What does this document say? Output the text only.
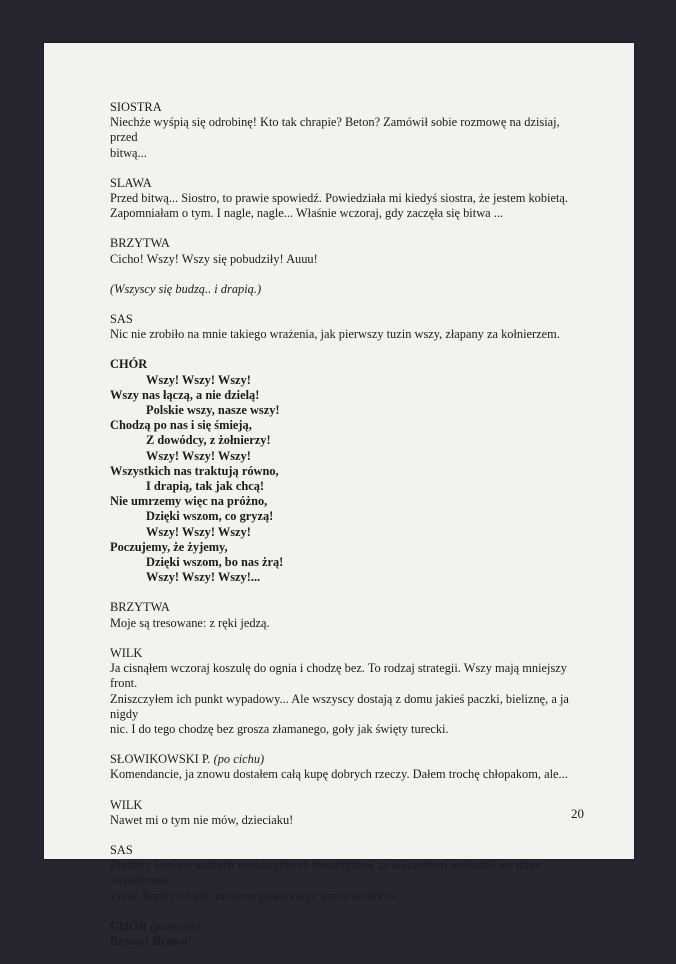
SIOSTRA
Niechże wyśpią się odrobinę! Kto tak chrapie? Beton? Zamówił sobie rozmowę na dzisiaj, przed
bitwą...
SLAWA
Przed bitwą... Siostro, to prawie spowiedź. Powiedziała mi kiedyś siostra, że jestem kobietą.
Zapomniałam o tym. I nagle, nagle... Właśnie wczoraj, gdy zaczęła się bitwa ...
BRZYTWA
Cicho! Wszy! Wszy się pobudziły! Auuu!
(Wszyscy się budzą.. i drapią.)
SAS
Nic nie zrobiło na mnie takiego wrażenia, jak pierwszy tuzin wszy, złapany za kołnierzem.
CHÓR
Wszy! Wszy! Wszy!
Wszy nas łączą, a nie dzielą!
Polskie wszy, nasze wszy!
Chodzą po nas i się śmieją,
Z dowódcy, z żołnierzy!
Wszy! Wszy! Wszy!
Wszystkich nas traktują równo,
I drapią, tak jak chcą!
Nie umrzemy więc na próżno,
Dzięki wszom, co gryzą!
Wszy! Wszy! Wszy!
Poczujemy, że żyjemy,
Dzięki wszom, bo nas żrą!
Wszy! Wszy! Wszy!...
BRZYTWA
Moje są tresowane: z ręki jedzą.
WILK
Ja cisnąłem wczoraj koszulę do ognia i chodzę bez. To rodzaj strategii. Wszy mają mniejszy front.
Zniszczyłem ich punkt wypadowy... Ale wszyscy dostają z domu jakieś paczki, bieliznę, a ja nigdy
nic. I do tego chodzę bez grosza złamanego, goły jak święty turecki.
SŁOWIKOWSKI P. (po cichu)
Komendancie, ja znowu dostałem całą kupę dobrych rzeczy. Dałem trochę chłopakom, ale...
WILK
Nawet mi o tym nie mów, dzieciaku!
SAS
Poranny koncert naszych nieodstępnych towarzyszek za kołnierzem wzbudził we mnie świadomość
życia. Bądź co bądź, mogłem powiększyć grono aniołków...
CHÓR (panowie)
Brawo! Brawo!
20
